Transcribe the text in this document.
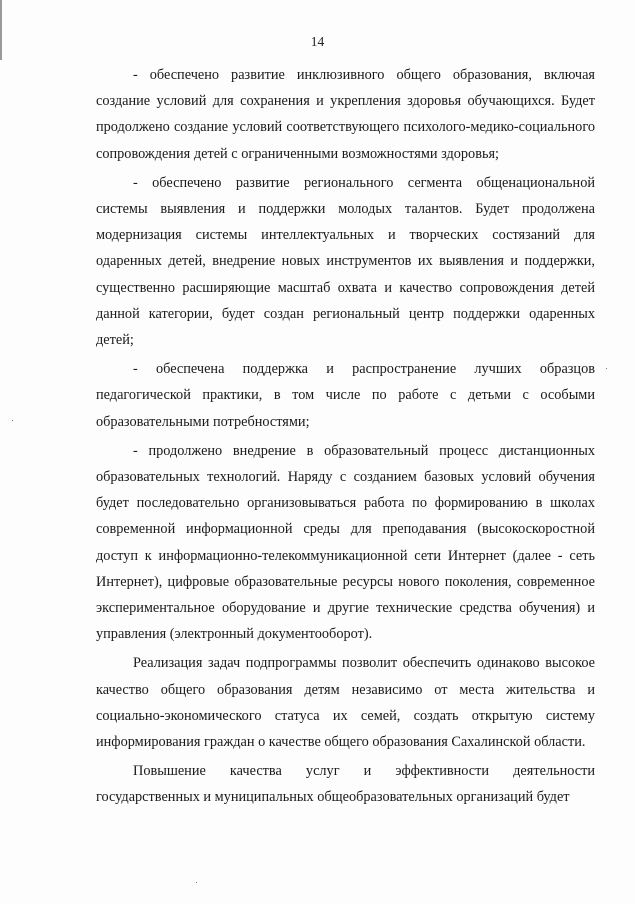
14

- обеспечено развитие инклюзивного общего образования, включая создание условий для сохранения и укрепления здоровья обучающихся. Будет продолжено создание условий соответствующего психолого-медико-социального сопровождения детей с ограниченными возможностями здоровья;

- обеспечено развитие регионального сегмента общенациональной системы выявления и поддержки молодых талантов. Будет продолжена модернизация системы интеллектуальных и творческих состязаний для одаренных детей, внедрение новых инструментов их выявления и поддержки, существенно расширяющие масштаб охвата и качество сопровождения детей данной категории, будет создан региональный центр поддержки одаренных детей;

- обеспечена поддержка и распространение лучших образцов педагогической практики, в том числе по работе с детьми с особыми образовательными потребностями;

- продолжено внедрение в образовательный процесс дистанционных образовательных технологий. Наряду с созданием базовых условий обучения будет последовательно организовываться работа по формированию в школах современной информационной среды для преподавания (высокоскоростной доступ к информационно-телекоммуникационной сети Интернет (далее - сеть Интернет), цифровые образовательные ресурсы нового поколения, современное экспериментальное оборудование и другие технические средства обучения) и управления (электронный документооборот).

Реализация задач подпрограммы позволит обеспечить одинаково высокое качество общего образования детям независимо от места жительства и социально-экономического статуса их семей, создать открытую систему информирования граждан о качестве общего образования Сахалинской области.

Повышение качества услуг и эффективности деятельности государственных и муниципальных общеобразовательных организаций будет
